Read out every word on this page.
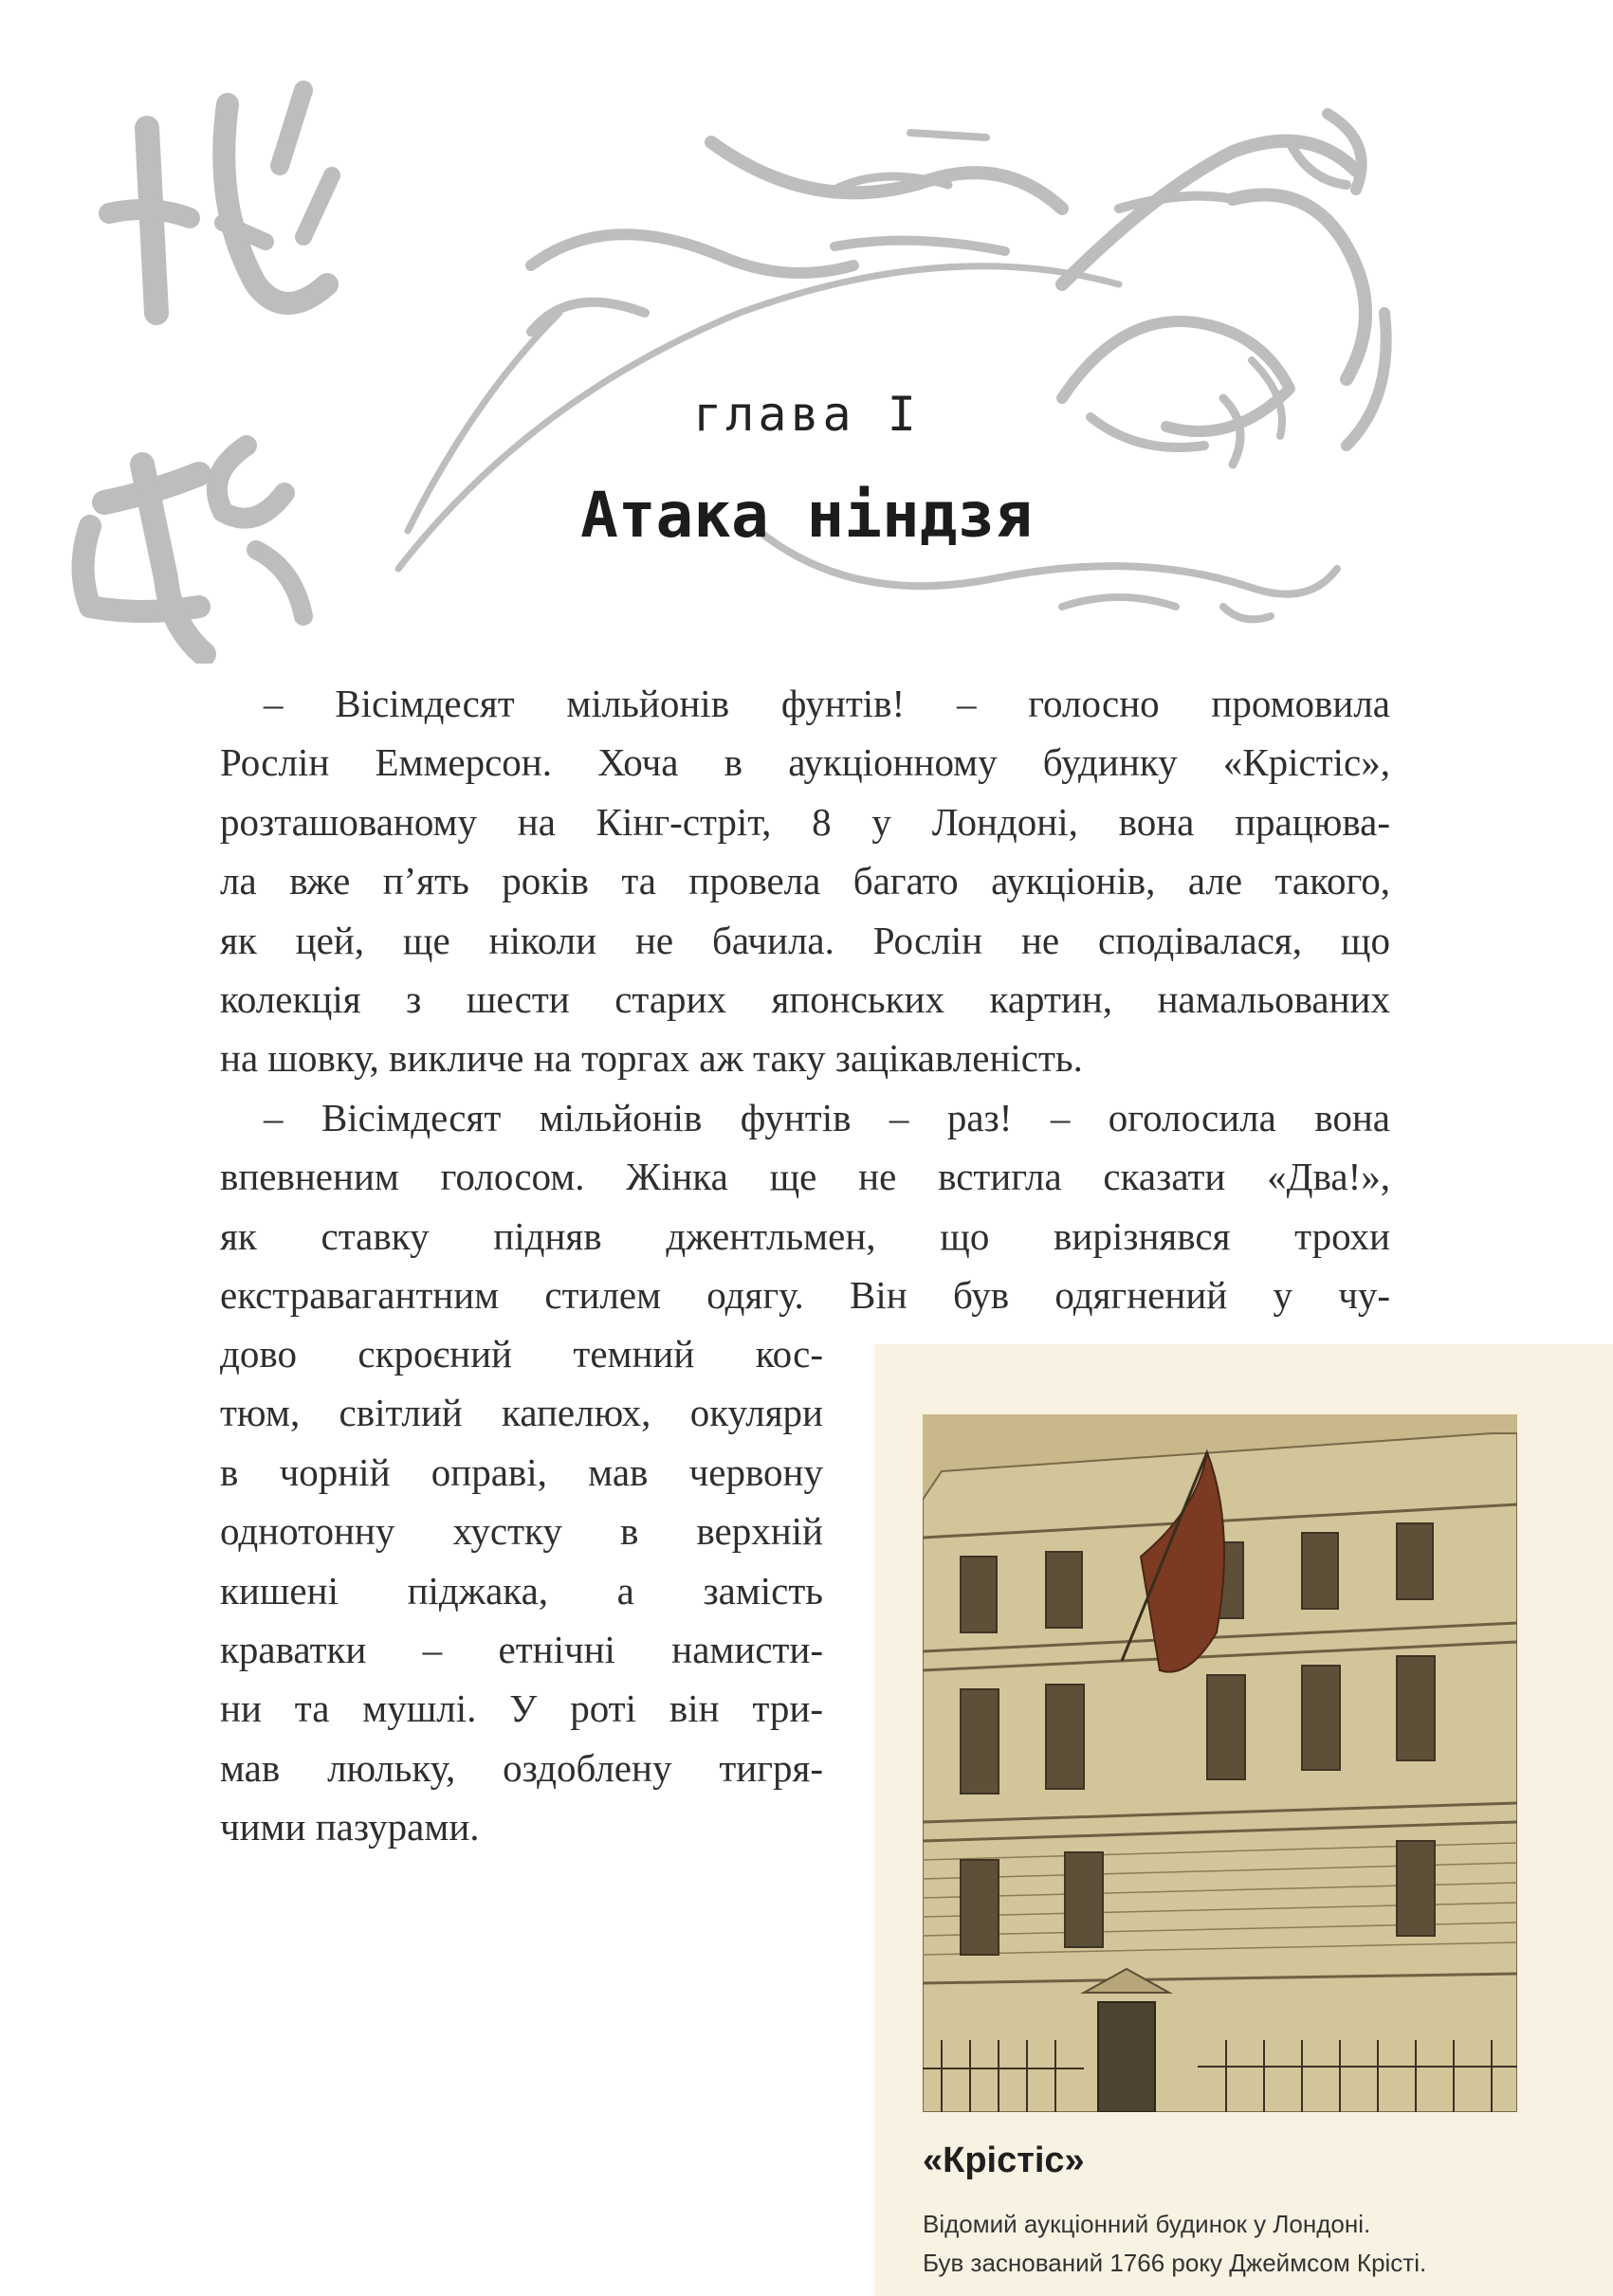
глава I
Атака ніндзя
– Вісімдесят мільйонів фунтів! – голосно промовила
Рослін Еммерсон. Хоча в аукціонному будинку «Крістіс»,
розташованому на Кінг-стріт, 8 у Лондоні, вона працюва-
ла вже п’ять років та провела багато аукціонів, але такого,
як цей, ще ніколи не бачила. Рослін не сподівалася, що
колекція з шести старих японських картин, намальованих
на шовку, викличе на торгах аж таку зацікавленість.
– Вісімдесят мільйонів фунтів – раз! – оголосила вона
впевненим голосом. Жінка ще не встигла сказати «Два!»,
як ставку підняв джентльмен, що вирізнявся трохи
екстравагантним стилем одягу. Він був одягнений у чу-
дово скроєний темний кос-
тюм, світлий капелюх, окуляри
в чорній оправі, мав червону
однотонну хустку в верхній
кишені піджака, а замість
краватки – етнічні намисти-
ни та мушлі. У роті він три-
мав люльку, оздоблену тигря-
чими пазурами.
«Крістіс»
Відомий аукціонний будинок у Лондоні.
Був заснований 1766 року Джеймсом Крісті.
